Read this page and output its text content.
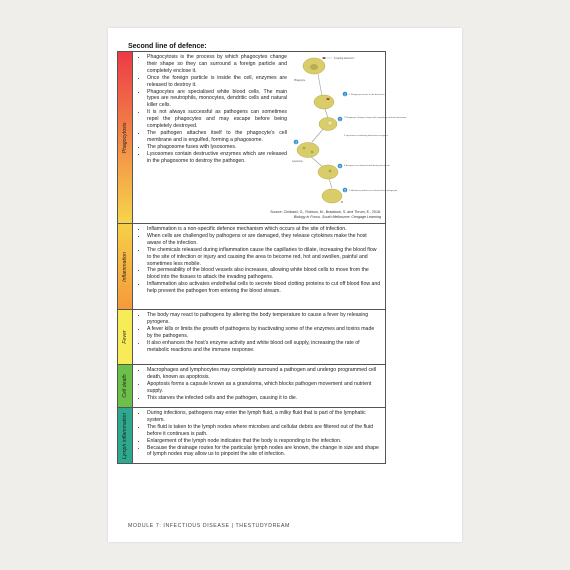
Second line of defence:
Phagocytosis
• Phagocytosis is the process by which phagocytes change their shape so they can surround a foreign particle and completely enclose it.
• Once the foreign particle is inside the cell, enzymes are released to destroy it.
• Phagocytes are specialised white blood cells. The main types are neutrophils, monocytes, dendritic cells and natural killer cells.
• It is not always successful as pathogens can sometimes repel the phagocytes and may escape before being completely destroyed.
• The pathogen attaches itself to the phagocyte’s cell membrane and is engulfed, forming a phagosome.
• The phagosome fuses with lysosomes.
• Lysosomes contain destructive enzymes which are released in the phagosome to destroy the pathogen.
1
2
3
4
5
Invading bacterium
Phagocyte
Lysosome
1 Phagocyte moves to the bacterium
2 Phagocyte changes shape and completely encloses bacterium
3 Lysosomes containing destructive enzymes
4 Enzymes are released and destroy bacterium
5 Harmless particles are released from phagocyte
Source: Chidrawi, G., Robson, M., Braddock, S. and Thrum, E., 2018.
Biology in Focus. South Melbourne: Cengage Learning
Inflammation
• Inflammation is a non-specific defence mechanism which occurs at the site of infection.
• When cells are challenged by pathogens or are damaged, they release cytokines make the host aware of the infection.
• The chemicals released during inflammation cause the capillaries to dilate, increasing the blood flow to the site of infection or injury and causing the area to become red, hot and swollen, painful and sometimes less mobile.
• The permeability of the blood vessels also increases, allowing white blood cells to move from the blood into the tissues to attack the invading pathogens.
• Inflammation also activates endothelial cells to secrete blood clotting proteins to cut off blood flow and help prevent the pathogen from entering the blood stream.
Fever
• The body may react to pathogens by altering the body temperature to cause a fever by releasing pyrogens.
• A fever kills or limits the growth of pathogens by inactivating some of the enzymes and toxins made by the pathogens.
• It also enhances the host’s enzyme activity and white blood cell supply, increasing the rate of metabolic reactions and the immune response.
Cell death
• Macrophages and lymphocytes may completely surround a pathogen and undergo programmed cell death, known as apoptosis.
• Apoptosis forms a capsule known as a granuloma, which blocks pathogen movement and nutrient supply.
• This starves the infected cells and the pathogen, causing it to die.
Lymph inflammation
•	During infections, pathogens may enter the lymph fluid, a milky fluid that is part of the lymphatic system.
• The fluid is taken to the lymph nodes where microbes and cellular debris are filtered out of the fluid before it continues is path.
• Enlargement of the lymph node indicates that the body is responding to the infection.
• Because the drainage routes for the particular lymph nodes are known, the change in size and shape of lymph nodes may allow us to pinpoint the site of infection.
MODULE 7: INFECTIOUS DISEASE | THESTUDYDREAM
